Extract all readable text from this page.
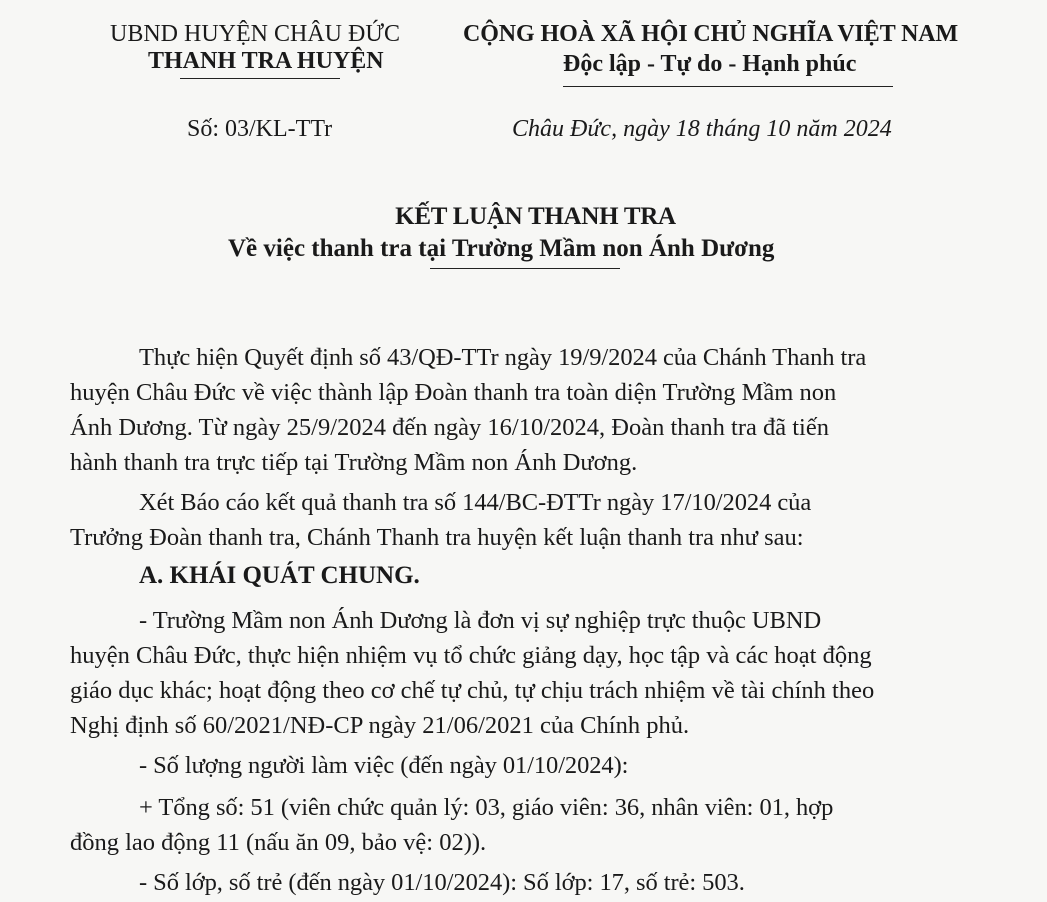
UBND HUYỆN CHÂU ĐỨC
THANH TRA HUYỆN
CỘNG HOÀ XÃ HỘI CHỦ NGHĨA VIỆT NAM
Độc lập - Tự do - Hạnh phúc
Số: 03/KL-TTr	Châu Đức, ngày 18 tháng 10 năm 2024
KẾT LUẬN THANH TRA
Về việc thanh tra tại Trường Mầm non Ánh Dương
Thực hiện Quyết định số 43/QĐ-TTr ngày 19/9/2024 của Chánh Thanh tra
huyện Châu Đức về việc thành lập Đoàn thanh tra toàn diện Trường Mầm non
Ánh Dương. Từ ngày 25/9/2024 đến ngày 16/10/2024, Đoàn thanh tra đã tiến
hành thanh tra trực tiếp tại Trường Mầm non Ánh Dương.
Xét Báo cáo kết quả thanh tra số 144/BC-ĐTTr ngày 17/10/2024 của
Trưởng Đoàn thanh tra, Chánh Thanh tra huyện kết luận thanh tra như sau:
A. KHÁI QUÁT CHUNG.
- Trường Mầm non Ánh Dương là đơn vị sự nghiệp trực thuộc UBND
huyện Châu Đức, thực hiện nhiệm vụ tổ chức giảng dạy, học tập và các hoạt động
giáo dục khác; hoạt động theo cơ chế tự chủ, tự chịu trách nhiệm về tài chính theo
Nghị định số 60/2021/NĐ-CP ngày 21/06/2021 của Chính phủ.
- Số lượng người làm việc (đến ngày 01/10/2024):
+ Tổng số: 51 (viên chức quản lý: 03, giáo viên: 36, nhân viên: 01, hợp
đồng lao động 11 (nấu ăn 09, bảo vệ: 02)).
- Số lớp, số trẻ (đến ngày 01/10/2024): Số lớp: 17, số trẻ: 503.
